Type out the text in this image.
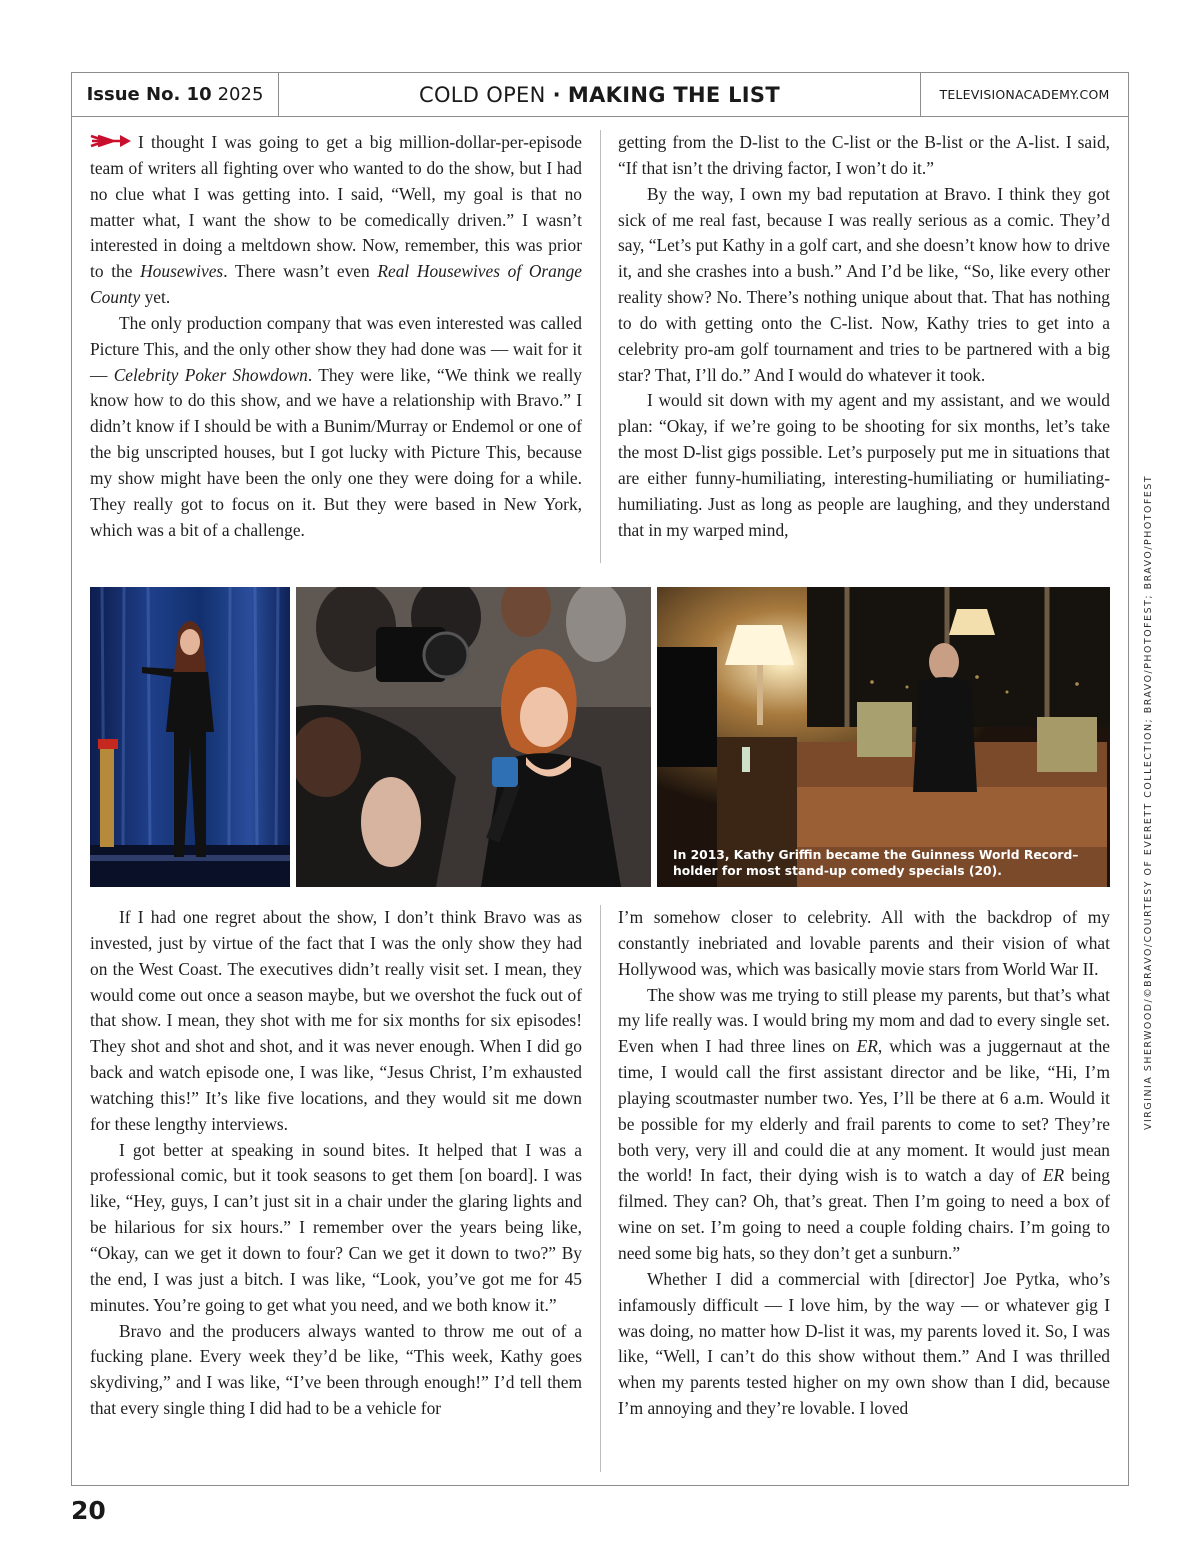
Issue No. 10 2025	COLD OPEN · MAKING THE LIST	TELEVISIONACADEMY.COM

I thought I was going to get a big million-dollar-per-episode team of writers all fighting over who wanted to do the show, but I had no clue what I was getting into. I said, “Well, my goal is that no matter what, I want the show to be comedically driven.” I wasn’t interested in doing a meltdown show. Now, remember, this was prior to the Housewives. There wasn’t even Real Housewives of Orange County yet.

The only production company that was even interested was called Picture This, and the only other show they had done was — wait for it — Celebrity Poker Showdown. They were like, “We think we really know how to do this show, and we have a relationship with Bravo.” I didn’t know if I should be with a Bunim/Murray or Endemol or one of the big unscripted houses, but I got lucky with Picture This, because my show might have been the only one they were doing for a while. They really got to focus on it. But they were based in New York, which was a bit of a challenge.

getting from the D-list to the C-list or the B-list or the A-list. I said, “If that isn’t the driving factor, I won’t do it.”

By the way, I own my bad reputation at Bravo. I think they got sick of me real fast, because I was really serious as a comic. They’d say, “Let’s put Kathy in a golf cart, and she doesn’t know how to drive it, and she crashes into a bush.” And I’d be like, “So, like every other reality show? No. There’s nothing unique about that. That has nothing to do with getting onto the C-list. Now, Kathy tries to get into a celebrity pro-am golf tournament and tries to be partnered with a big star? That, I’ll do.” And I would do whatever it took.

I would sit down with my agent and my assistant, and we would plan: “Okay, if we’re going to be shooting for six months, let’s take the most D-list gigs possible. Let’s purposely put me in situations that are either funny-humiliating, interesting-humiliating or humiliating-humiliating. Just as long as people are laughing, and they understand that in my warped mind,

In 2013, Kathy Griffin became the Guinness World Record–holder for most stand-up comedy specials (20).

If I had one regret about the show, I don’t think Bravo was as invested, just by virtue of the fact that I was the only show they had on the West Coast. The executives didn’t really visit set. I mean, they would come out once a season maybe, but we overshot the fuck out of that show. I mean, they shot with me for six months for six episodes! They shot and shot and shot, and it was never enough. When I did go back and watch episode one, I was like, “Jesus Christ, I’m exhausted watching this!” It’s like five locations, and they would sit me down for these lengthy interviews.

I got better at speaking in sound bites. It helped that I was a professional comic, but it took seasons to get them [on board]. I was like, “Hey, guys, I can’t just sit in a chair under the glaring lights and be hilarious for six hours.” I remember over the years being like, “Okay, can we get it down to four? Can we get it down to two?” By the end, I was just a bitch. I was like, “Look, you’ve got me for 45 minutes. You’re going to get what you need, and we both know it.”

Bravo and the producers always wanted to throw me out of a fucking plane. Every week they’d be like, “This week, Kathy goes skydiving,” and I was like, “I’ve been through enough!” I’d tell them that every single thing I did had to be a vehicle for

I’m somehow closer to celebrity. All with the backdrop of my constantly inebriated and lovable parents and their vision of what Hollywood was, which was basically movie stars from World War II.

The show was me trying to still please my parents, but that’s what my life really was. I would bring my mom and dad to every single set. Even when I had three lines on ER, which was a juggernaut at the time, I would call the first assistant director and be like, “Hi, I’m playing scoutmaster number two. Yes, I’ll be there at 6 a.m. Would it be possible for my elderly and frail parents to come to set? They’re both very, very ill and could die at any moment. It would just mean the world! In fact, their dying wish is to watch a day of ER being filmed. They can? Oh, that’s great. Then I’m going to need a box of wine on set. I’m going to need a couple folding chairs. I’m going to need some big hats, so they don’t get a sunburn.”

Whether I did a commercial with [director] Joe Pytka, who’s infamously difficult — I love him, by the way — or whatever gig I was doing, no matter how D-list it was, my parents loved it. So, I was like, “Well, I can’t do this show without them.” And I was thrilled when my parents tested higher on my own show than I did, because I’m annoying and they’re lovable. I loved

VIRGINIA SHERWOOD/©BRAVO/COURTESY OF EVERETT COLLECTION; BRAVO/PHOTOFEST; BRAVO/PHOTOFEST
20
